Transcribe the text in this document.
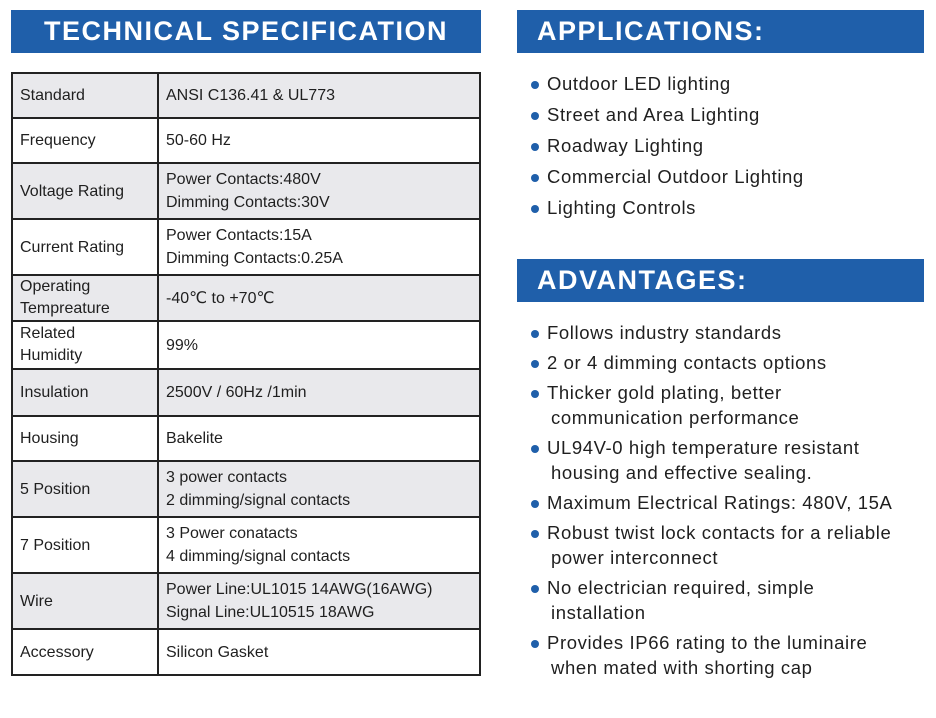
TECHNICAL SPECIFICATION
Standard	ANSI C136.41 & UL773

Frequency	50-60 Hz

Voltage Rating	Power Contacts:480V
Dimming Contacts:30V

Current Rating	Power Contacts:15A
Dimming Contacts:0.25A

Operating
Tempreature	-40℃ to +70℃

Related
Humidity	99%

Insulation	2500V / 60Hz /1min

Housing	Bakelite

5 Position	3 power contacts
2 dimming/signal contacts

7 Position	3 Power conatacts
4 dimming/signal contacts

Wire	Power Line:UL1015 14AWG(16AWG)
Signal Line:UL10515 18AWG

Accessory	Silicon Gasket
APPLICATIONS:
Outdoor LED lighting
Street and Area Lighting
Roadway Lighting
Commercial Outdoor Lighting
Lighting Controls
ADVANTAGES:
Follows industry standards
2 or 4 dimming contacts options
Thicker gold plating, better
communication performance
UL94V-0 high temperature resistant
housing and effective sealing.
Maximum Electrical Ratings: 480V, 15A
Robust twist lock contacts for a reliable
power interconnect
No electrician required, simple
installation
Provides IP66 rating to the luminaire
when mated with shorting cap
